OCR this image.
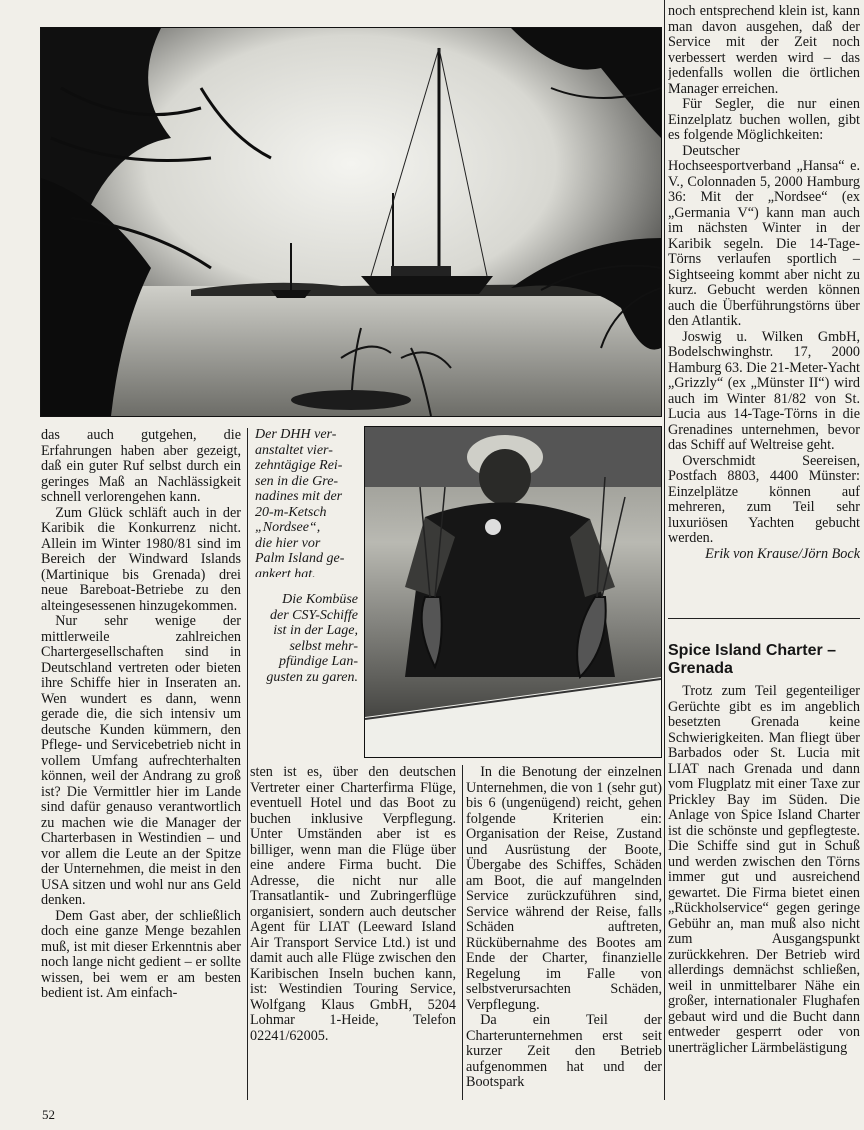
Der DHH ver-

anstaltet vier-

zehntägige Rei-

sen in die Gre-

nadines mit der

20-m-Ketsch

„Nordsee“,

die hier vor

Palm Island ge-

ankert hat.

Die Kombüse

der CSY-Schiffe

ist in der Lage,

selbst mehr-

pfündige Lan-

gusten zu garen.

das auch gutgehen, die Erfahrungen haben aber gezeigt, daß ein guter Ruf selbst durch ein geringes Maß an Nachlässigkeit schnell verlorengehen kann.

Zum Glück schläft auch in der Karibik die Konkurrenz nicht. Allein im Winter 1980/81 sind im Bereich der Windward Islands (Martinique bis Grenada) drei neue Bareboat-Betriebe zu den alteingesessenen hinzugekommen.

Nur sehr wenige der mittlerweile zahlreichen Chartergesellschaften sind in Deutschland vertreten oder bieten ihre Schiffe hier in Inseraten an. Wen wundert es dann, wenn gerade die, die sich intensiv um deutsche Kunden kümmern, den Pflege- und Servicebetrieb nicht in vollem Umfang aufrechterhalten können, weil der Andrang zu groß ist? Die Vermittler hier im Lande sind dafür genauso verantwortlich zu machen wie die Manager der Charterbasen in Westindien – und vor allem die Leute an der Spitze der Unternehmen, die meist in den USA sitzen und wohl nur ans Geld denken.

Dem Gast aber, der schließlich doch eine ganze Menge bezahlen muß, ist mit dieser Erkenntnis aber noch lange nicht gedient – er sollte wissen, bei wem er am besten bedient ist. Am einfach-

sten ist es, über den deutschen Vertreter einer Charterfirma Flüge, eventuell Hotel und das Boot zu buchen inklusive Verpflegung. Unter Umständen aber ist es billiger, wenn man die Flüge über eine andere Firma bucht. Die Adresse, die nicht nur alle Transatlantik- und Zubringerflüge organisiert, sondern auch deutscher Agent für LIAT (Leeward Island Air Transport Service Ltd.) ist und damit auch alle Flüge zwischen den Karibischen Inseln buchen kann, ist: Westindien Touring Service, Wolfgang Klaus GmbH, 5204 Lohmar 1-Heide, Telefon 02241/62005.

In die Benotung der einzelnen Unternehmen, die von 1 (sehr gut) bis 6 (ungenügend) reicht, gehen folgende Kriterien ein: Organisation der Reise, Zustand und Ausrüstung der Boote, Übergabe des Schiffes, Schäden am Boot, die auf mangelnden Service zurückzuführen sind, Service während der Reise, falls Schäden auftreten, Rückübernahme des Bootes am Ende der Charter, finanzielle Regelung im Falle von selbstverursachten Schäden, Verpflegung.

Da ein Teil der Charterunternehmen erst seit kurzer Zeit den Betrieb aufgenommen hat und der Bootspark

noch entsprechend klein ist, kann man davon ausgehen, daß der Service mit der Zeit noch verbessert werden wird – das jedenfalls wollen die örtlichen Manager erreichen.

Für Segler, die nur einen Einzelplatz buchen wollen, gibt es folgende Möglichkeiten:

Deutscher Hochseesportverband „Hansa“ e. V., Colonnaden 5, 2000 Hamburg 36: Mit der „Nordsee“ (ex „Germania V“) kann man auch im nächsten Winter in der Karibik segeln. Die 14-Tage-Törns verlaufen sportlich – Sightseeing kommt aber nicht zu kurz. Gebucht werden können auch die Überführungstörns über den Atlantik.

Joswig u. Wilken GmbH, Bodelschwinghstr. 17, 2000 Hamburg 63. Die 21-Meter-Yacht „Grizzly“ (ex „Münster II“) wird auch im Winter 81/82 von St. Lucia aus 14-Tage-Törns in die Grenadines unternehmen, bevor das Schiff auf Weltreise geht.

Overschmidt Seereisen, Postfach 8803, 4400 Münster: Einzelplätze können auf mehreren, zum Teil sehr luxuriösen Yachten gebucht werden.

Erik von Krause/Jörn Bock

Spice Island Charter – Grenada

Trotz zum Teil gegenteiliger Gerüchte gibt es im angeblich besetzten Grenada keine Schwierigkeiten. Man fliegt über Barbados oder St. Lucia mit LIAT nach Grenada und dann vom Flugplatz mit einer Taxe zur Prickley Bay im Süden. Die Anlage von Spice Island Charter ist die schönste und gepflegteste. Die Schiffe sind gut in Schuß und werden zwischen den Törns immer gut und ausreichend gewartet. Die Firma bietet einen „Rückholservice“ gegen geringe Gebühr an, man muß also nicht zum Ausgangspunkt zurückkehren. Der Betrieb wird allerdings demnächst schließen, weil in unmittelbarer Nähe ein großer, internationaler Flughafen gebaut wird und die Bucht dann entweder gesperrt oder von unerträglicher Lärmbelästigung

52
